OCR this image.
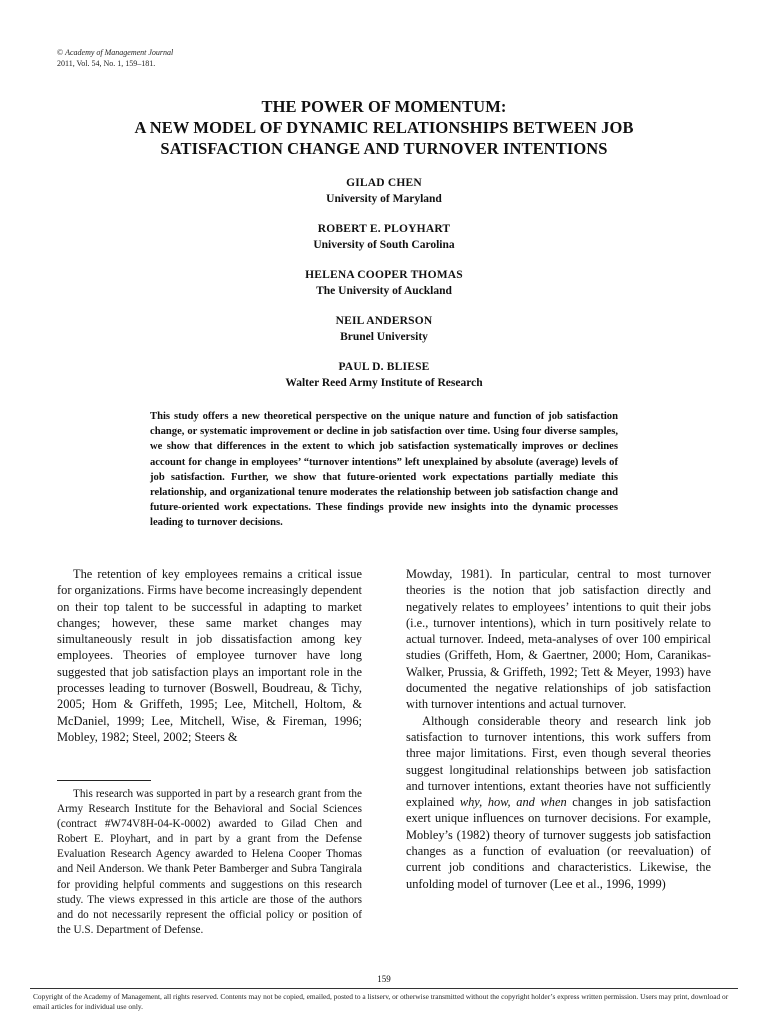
© Academy of Management Journal
2011, Vol. 54, No. 1, 159–181.
THE POWER OF MOMENTUM:
A NEW MODEL OF DYNAMIC RELATIONSHIPS BETWEEN JOB
SATISFACTION CHANGE AND TURNOVER INTENTIONS
GILAD CHEN
University of Maryland
ROBERT E. PLOYHART
University of South Carolina
HELENA COOPER THOMAS
The University of Auckland
NEIL ANDERSON
Brunel University
PAUL D. BLIESE
Walter Reed Army Institute of Research
This study offers a new theoretical perspective on the unique nature and function of job satisfaction change, or systematic improvement or decline in job satisfaction over time. Using four diverse samples, we show that differences in the extent to which job satisfaction systematically improves or declines account for change in employees’ “turnover intentions” left unexplained by absolute (average) levels of job satisfaction. Further, we show that future-oriented work expectations partially mediate this relationship, and organizational tenure moderates the relationship between job satisfaction change and future-oriented work expectations. These findings provide new insights into the dynamic processes leading to turnover decisions.

The retention of key employees remains a critical issue for organizations. Firms have become increasingly dependent on their top talent to be successful in adapting to market changes; however, these same market changes may simultaneously result in job dissatisfaction among key employees. Theories of employee turnover have long suggested that job satisfaction plays an important role in the processes leading to turnover (Boswell, Boudreau, & Tichy, 2005; Hom & Griffeth, 1995; Lee, Mitchell, Holtom, & McDaniel, 1999; Lee, Mitchell, Wise, & Fireman, 1996; Mobley, 1982; Steel, 2002; Steers &

Mowday, 1981). In particular, central to most turnover theories is the notion that job satisfaction directly and negatively relates to employees’ intentions to quit their jobs (i.e., turnover intentions), which in turn positively relate to actual turnover. Indeed, meta-analyses of over 100 empirical studies (Griffeth, Hom, & Gaertner, 2000; Hom, Caranikas-Walker, Prussia, & Griffeth, 1992; Tett & Meyer, 1993) have documented the negative relationships of job satisfaction with turnover intentions and actual turnover.

Although considerable theory and research link job satisfaction to turnover intentions, this work suffers from three major limitations. First, even though several theories suggest longitudinal relationships between job satisfaction and turnover intentions, extant theories have not sufficiently explained why, how, and when changes in job satisfaction exert unique influences on turnover decisions. For example, Mobley’s (1982) theory of turnover suggests job satisfaction changes as a function of evaluation (or reevaluation) of current job conditions and characteristics. Likewise, the unfolding model of turnover (Lee et al., 1996, 1999)

This research was supported in part by a research grant from the Army Research Institute for the Behavioral and Social Sciences (contract #W74V8H-04-K-0002) awarded to Gilad Chen and Robert E. Ployhart, and in part by a grant from the Defense Evaluation Research Agency awarded to Helena Cooper Thomas and Neil Anderson. We thank Peter Bamberger and Subra Tangirala for providing helpful comments and suggestions on this research study. The views expressed in this article are those of the authors and do not necessarily represent the official policy or position of the U.S. Department of Defense.
159
Copyright of the Academy of Management, all rights reserved. Contents may not be copied, emailed, posted to a listserv, or otherwise transmitted without the copyright holder’s express written permission. Users may print, download or email articles for individual use only.
